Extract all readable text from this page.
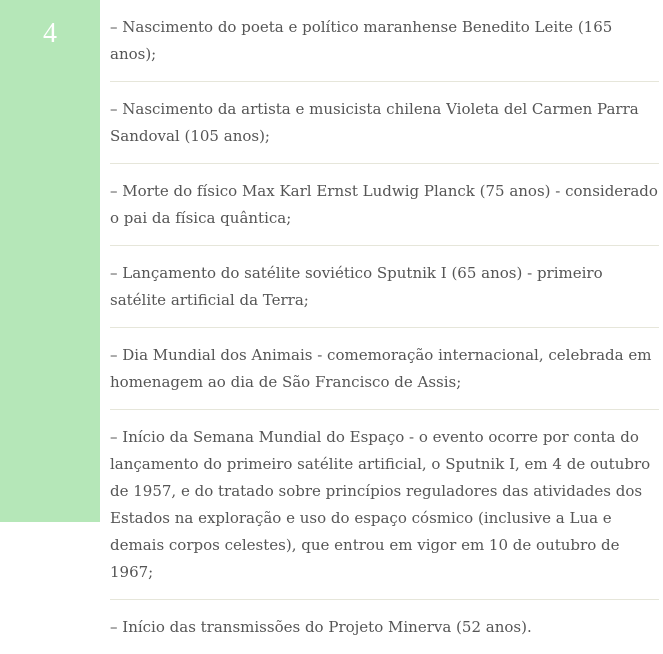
4	– Nascimento do poeta e político maranhense Benedito Leite (165 anos);

– Nascimento da artista e musicista chilena Violeta del Carmen Parra Sandoval (105 anos);

– Morte do físico Max Karl Ernst Ludwig Planck (75 anos) - considerado o pai da física quântica;

– Lançamento do satélite soviético Sputnik I (65 anos) - primeiro satélite artificial da Terra;

– Dia Mundial dos Animais - comemoração internacional, celebrada em homenagem ao dia de São Francisco de Assis;

– Início da Semana Mundial do Espaço - o evento ocorre por conta do lançamento do primeiro satélite artificial, o Sputnik I, em 4 de outubro de 1957, e do tratado sobre princípios reguladores das atividades dos Estados na exploração e uso do espaço cósmico (inclusive a Lua e demais corpos celestes), que entrou em vigor em 10 de outubro de 1967;

– Início das transmissões do Projeto Minerva (52 anos).
